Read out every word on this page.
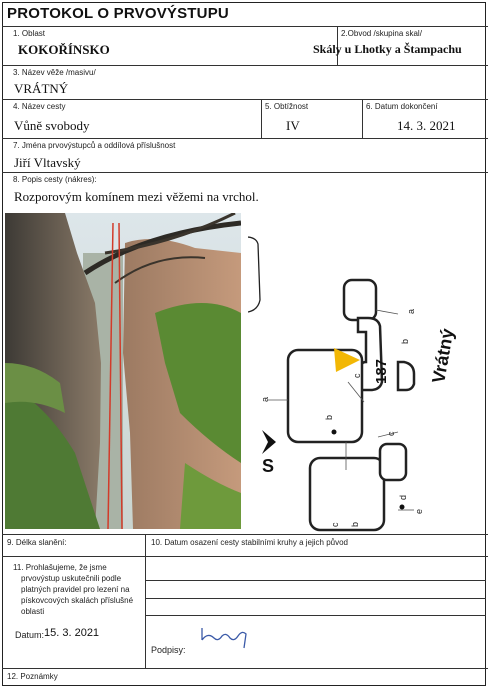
PROTOKOL O PRVOVÝSTUPU
1. Oblast
KOKOŘÍNSKO
2.Obvod /skupina skal/
Skály u Lhotky a Štampachu
3. Název věže /masivu/
VRÁTNÝ
4. Název cesty
Vůně svobody
5. Obtížnost
IV
6. Datum dokončení
14. 3. 2021
7. Jména prvovýstupců a oddílová příslušnost
Jiří Vltavský
8. Popis cesty (nákres):
Rozporovým komínem mezi věžemi na vrchol.
S
187 Vrátný
a
b
c
a
b
c
b
c
d
e
9. Délka slanění:	10. Datum osazení cesty stabilními kruhy a jejich původ
11. Prohlašujeme, že jsme prvovýstup uskutečnili podle platných pravidel pro lezení na pískovcových skalách příslušné oblasti
Datum: 15. 3. 2021
Podpisy:
12. Poznámky
